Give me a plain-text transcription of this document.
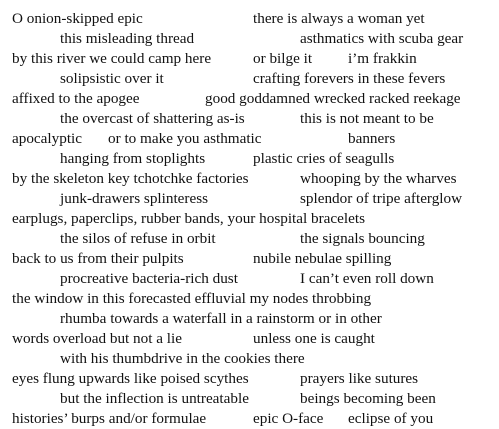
O onion-skipped epic	there is always a woman yet
this misleading thread	asthmatics with scuba gear
by this river we could camp here	or bilge it i’m frakkin
solipsistic over it	crafting forevers in these fevers
affixed to the apogee	good goddamned wrecked racked reekage
the overcast of shattering as-is	this is not meant to be
apocalyptic or to make you asthmatic	banners
hanging from stoplights	plastic cries of seagulls
by the skeleton key tchotchke factories	whooping by the wharves
junk-drawers splinteress	splendor of tripe afterglow
earplugs, paperclips, rubber bands, your hospital bracelets
the silos of refuse in orbit	the signals bouncing
back to us from their pulpits	nubile nebulae spilling
procreative bacteria-rich dust	I can’t even roll down
the window in this forecasted effluvial my nodes throbbing
rhumba towards a waterfall in a rainstorm or in other
words overload but not a lie	unless one is caught
with his thumbdrive in the cookies there
eyes flung upwards like poised scythes	prayers like sutures
but the inflection is untreatable	beings becoming been
histories’ burps and/or formulae	epic O-face eclipse of you
